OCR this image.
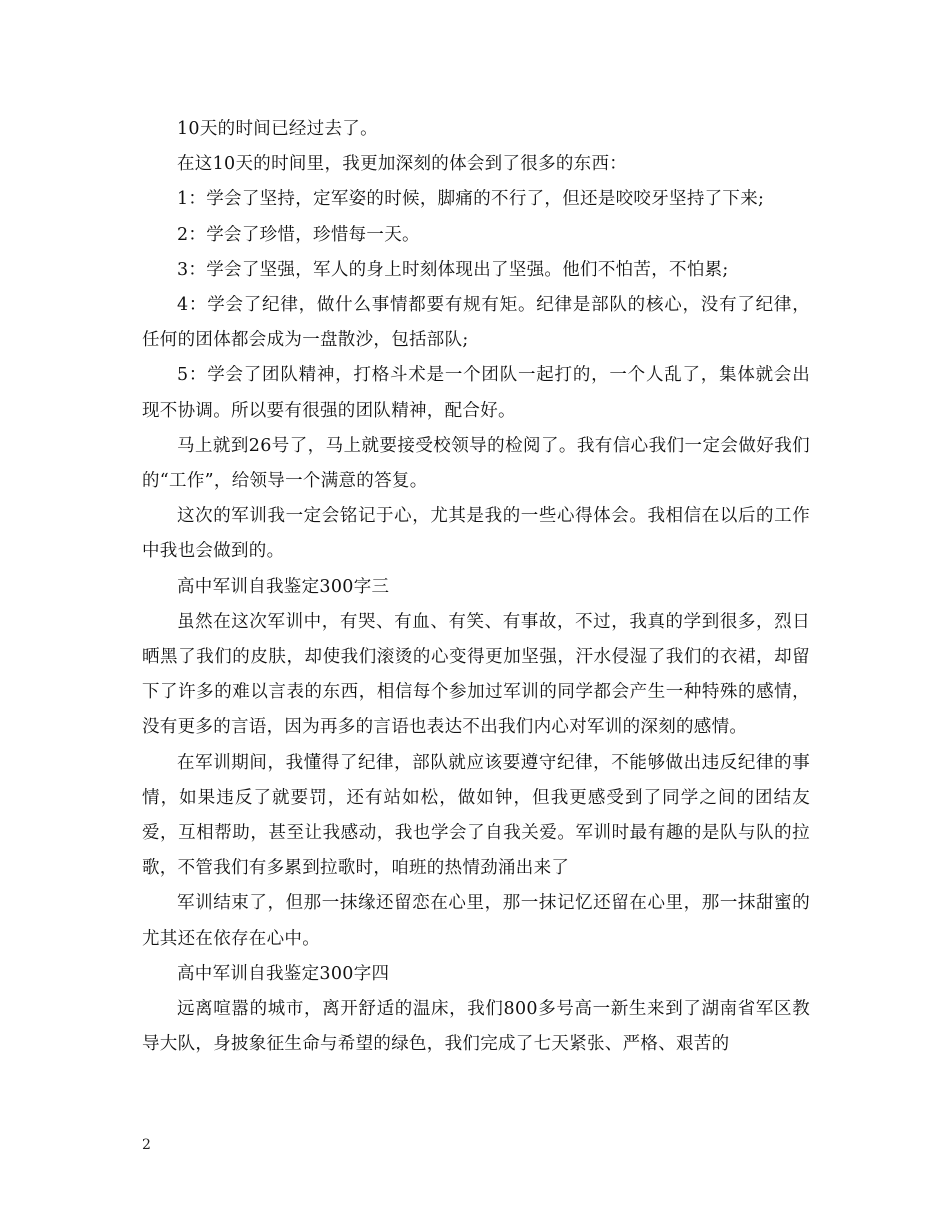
10天的时间已经过去了。

在这10天的时间里，我更加深刻的体会到了很多的东西：

1：学会了坚持，定军姿的时候，脚痛的不行了，但还是咬咬牙坚持了下来;

2：学会了珍惜，珍惜每一天。

3：学会了坚强，军人的身上时刻体现出了坚强。他们不怕苦，不怕累;

4：学会了纪律，做什么事情都要有规有矩。纪律是部队的核心，没有了纪律，任何的团体都会成为一盘散沙，包括部队;

5：学会了团队精神，打格斗术是一个团队一起打的，一个人乱了，集体就会出现不协调。所以要有很强的团队精神，配合好。

马上就到26号了，马上就要接受校领导的检阅了。我有信心我们一定会做好我们的“工作”，给领导一个满意的答复。

这次的军训我一定会铭记于心，尤其是我的一些心得体会。我相信在以后的工作中我也会做到的。

高中军训自我鉴定300字三

虽然在这次军训中，有哭、有血、有笑、有事故，不过，我真的学到很多，烈日晒黑了我们的皮肤，却使我们滚烫的心变得更加坚强，汗水侵湿了我们的衣裙，却留下了许多的难以言表的东西，相信每个参加过军训的同学都会产生一种特殊的感情，没有更多的言语，因为再多的言语也表达不出我们内心对军训的深刻的感情。

在军训期间，我懂得了纪律，部队就应该要遵守纪律，不能够做出违反纪律的事情，如果违反了就要罚，还有站如松，做如钟，但我更感受到了同学之间的团结友爱，互相帮助，甚至让我感动，我也学会了自我关爱。军训时最有趣的是队与队的拉歌，不管我们有多累到拉歌时，咱班的热情劲涌出来了

军训结束了，但那一抹缘还留恋在心里，那一抹记忆还留在心里，那一抹甜蜜的尤其还在依存在心中。

高中军训自我鉴定300字四

远离喧嚣的城市，离开舒适的温床，我们800多号高一新生来到了湖南省军区教导大队，身披象征生命与希望的绿色，我们完成了七天紧张、严格、艰苦的

2
